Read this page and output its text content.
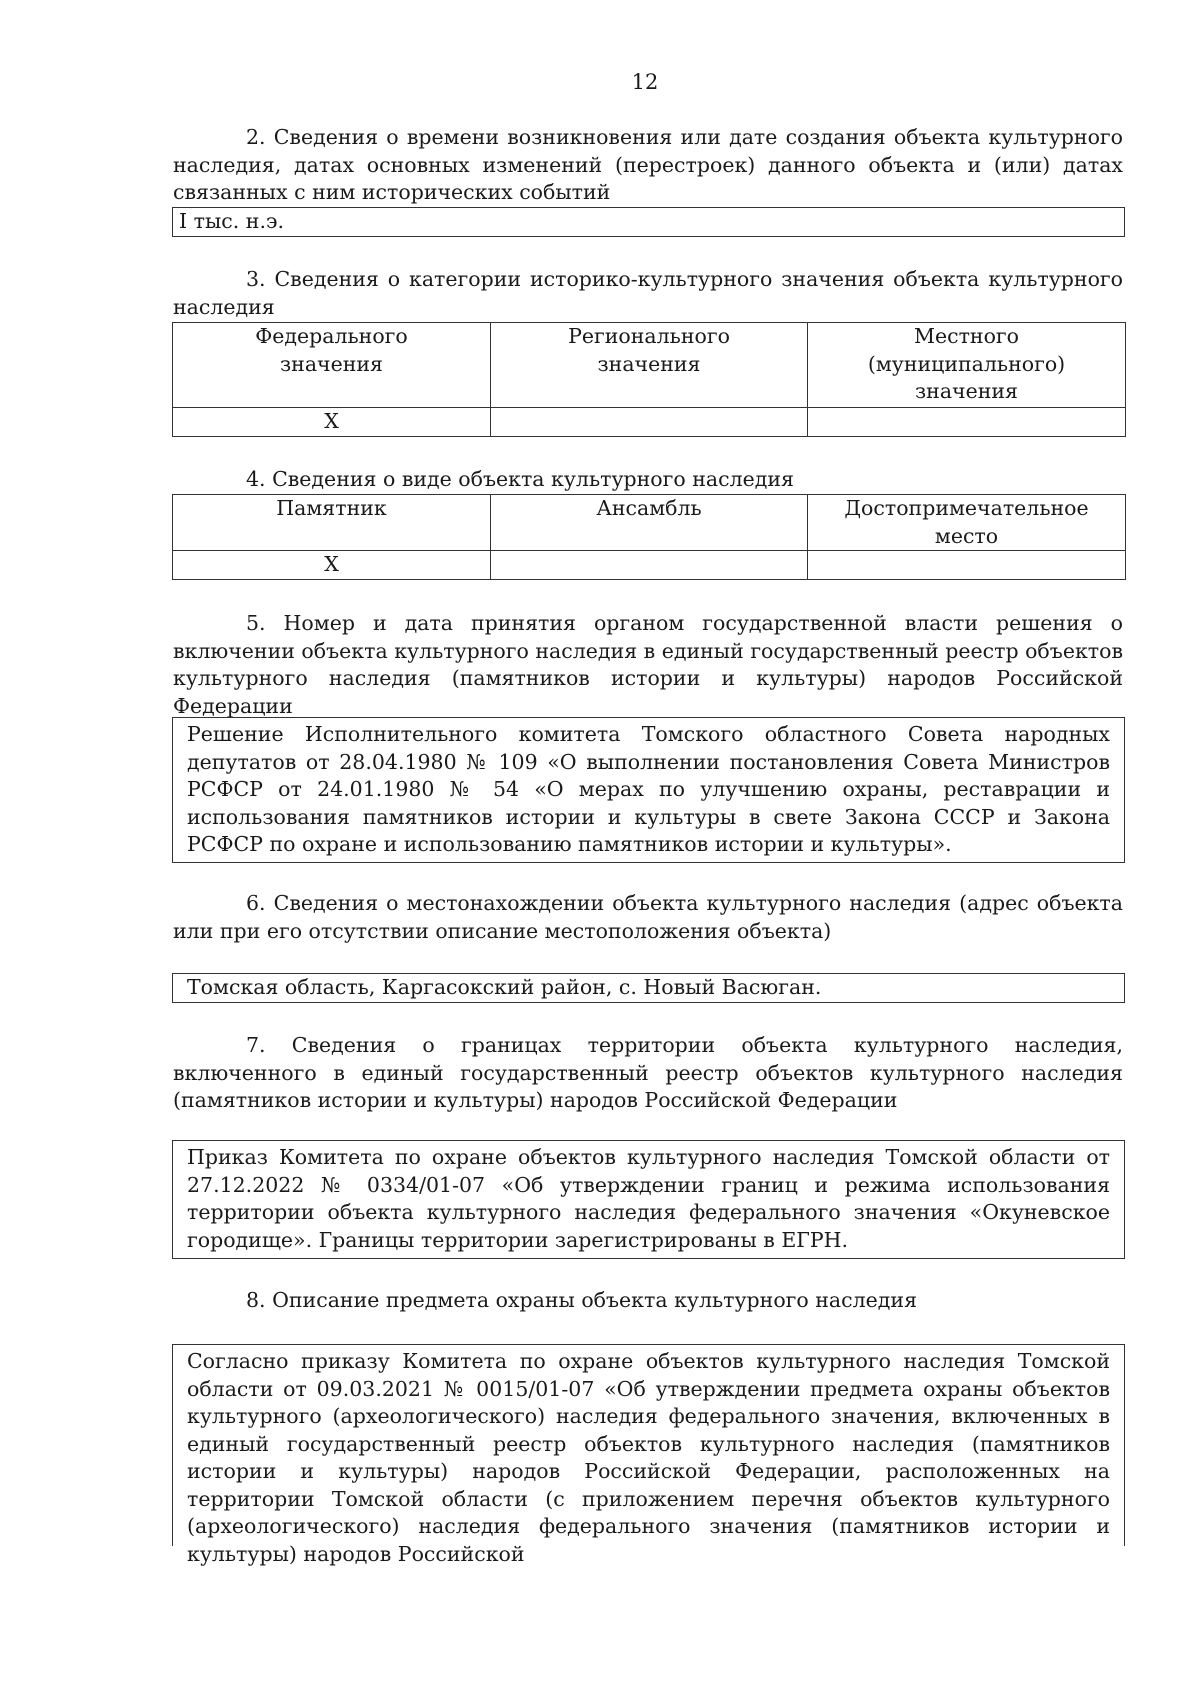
12
2. Сведения о времени возникновения или дате создания объекта культурного наследия, датах основных изменений (перестроек) данного объекта и (или) датах связанных с ним исторических событий
I тыс. н.э.
3. Сведения о категории историко-культурного значения объекта культурного наследия
Федерального значения	Регионального значения	Местного (муниципального) значения
X		
4. Сведения о виде объекта культурного наследия
Памятник	Ансамбль	Достопримечательное место
X		
5. Номер и дата принятия органом государственной власти решения о включении объекта культурного наследия в единый государственный реестр объектов культурного наследия (памятников истории и культуры) народов Российской Федерации
Решение Исполнительного комитета Томского областного Совета народных депутатов от 28.04.1980 № 109 «О выполнении постановления Совета Министров РСФСР от 24.01.1980 № 54 «О мерах по улучшению охраны, реставрации и использования памятников истории и культуры в свете Закона СССР и Закона РСФСР по охране и использованию памятников истории и культуры».
6. Сведения о местонахождении объекта культурного наследия (адрес объекта или при его отсутствии описание местоположения объекта)
Томская область, Каргасокский район, с. Новый Васюган.
7. Сведения о границах территории объекта культурного наследия, включенного в единый государственный реестр объектов культурного наследия (памятников истории и культуры) народов Российской Федерации
Приказ Комитета по охране объектов культурного наследия Томской области от 27.12.2022 № 0334/01-07 «Об утверждении границ и режима использования территории объекта культурного наследия федерального значения «Окуневское городище». Границы территории зарегистрированы в ЕГРН.
8. Описание предмета охраны объекта культурного наследия
Согласно приказу Комитета по охране объектов культурного наследия Томской области от 09.03.2021 № 0015/01-07 «Об утверждении предмета охраны объектов культурного (археологического) наследия федерального значения, включенных в единый государственный реестр объектов культурного наследия (памятников истории и культуры) народов Российской Федерации, расположенных на территории Томской области (с приложением перечня объектов культурного (археологического) наследия федерального значения (памятников истории и культуры) народов Российской
